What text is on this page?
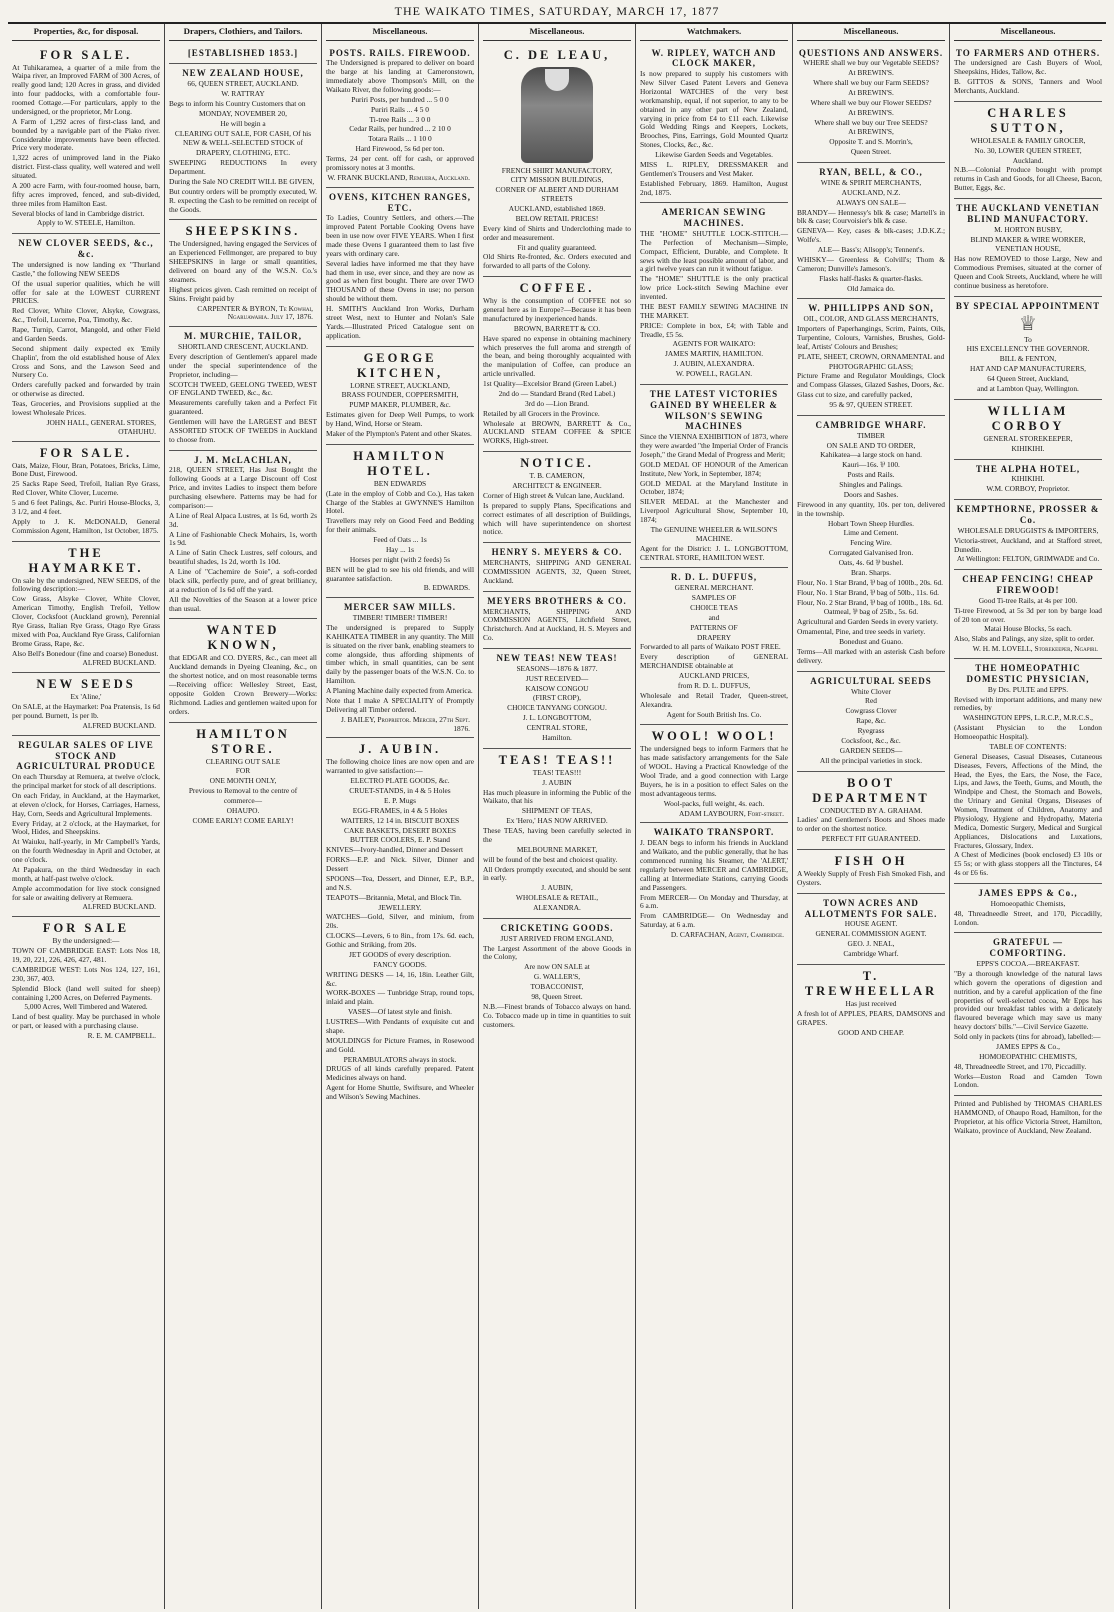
THE WAIKATO TIMES, SATURDAY, MARCH 17, 1877
Properties, &c, for disposal.
FOR SALE.

At Tuhikaramea, a quarter of a mile from the Waipa river, an Improved FARM of 300 Acres, of really good land; 120 Acres in grass, and divided into four paddocks, with a comfortable four-roomed Cottage.—For particulars, apply to the undersigned, or the proprietor, Mr Long.

A Farm of 1,292 acres of first-class land, and bounded by a navigable part of the Piako river. Considerable improvements have been effected. Price very moderate.

1,322 acres of unimproved land in the Piako district. First-class quality, well watered and well situated.

A 200 acre Farm, with four-roomed house, barn, fifty acres improved, fenced, and sub-divided, three miles from Hamilton East.

Several blocks of land in Cambridge district.

Apply to W. STEELE, Hamilton.

NEW CLOVER SEEDS, &c., &c.

The undersigned is now landing ex "Thurland Castle," the following NEW SEEDS

Of the usual superior qualities, which he will offer for sale at the LOWEST CURRENT PRICES.

Red Clover, White Clover, Alsyke, Cowgrass, &c., Trefoil, Lucerne, Poa, Timothy, &c.

Rape, Turnip, Carrot, Mangold, and other Field and Garden Seeds.

Second shipment daily expected ex 'Emily Chaplin', from the old established house of Alex Cross and Sons, and the Lawson Seed and Nursery Co.

Orders carefully packed and forwarded by train or otherwise as directed.

Teas, Groceries, and Provisions supplied at the lowest Wholesale Prices.

JOHN HALL, GENERAL STORES, OTAHUHU.
FOR SALE.

Oats, Maize, Flour, Bran, Potatoes, Bricks, Lime, Bone Dust, Firewood.

25 Sacks Rape Seed, Trefoil, Italian Rye Grass, Red Clover, White Clover, Lucerne.

5 and 6 feet Palings, &c. Puriri House-Blocks, 3, 3 1/2, and 4 feet.

Apply to J. K. McDONALD, General Commission Agent, Hamilton, 1st October, 1875.

THE HAYMARKET.

On sale by the undersigned, NEW SEEDS, of the following description:—

Cow Grass, Alsyke Clover, White Clover, American Timothy, English Trefoil, Yellow Clover, Cocksfoot (Auckland grown), Perennial Rye Grass, Italian Rye Grass, Otago Rye Grass mixed with Poa, Auckland Rye Grass, Californian Brome Grass, Rape, &c.

Also Bell's Bonedour (fine and coarse) Bonedust.

ALFRED BUCKLAND.
NEW SEEDS

Ex 'Aline,'

On SALE, at the Haymarket: Poa Pratensis, 1s 6d per pound. Burnett, 1s per lb.

ALFRED BUCKLAND.
REGULAR SALES OF LIVE STOCK AND AGRICULTURAL PRODUCE

On each Thursday at Remuera, at twelve o'clock, the principal market for stock of all descriptions.

On each Friday, in Auckland, at the Haymarket, at eleven o'clock, for Horses, Carriages, Harness, Hay, Corn, Seeds and Agricultural Implements.

Every Friday, at 2 o'clock, at the Haymarket, for Wool, Hides, and Sheepskins.

At Waiuku, half-yearly, in Mr Campbell's Yards, on the fourth Wednesday in April and October, at one o'clock.

At Papakura, on the third Wednesday in each month, at half-past twelve o'clock.

Ample accommodation for live stock consigned for sale or awaiting delivery at Remuera.

ALFRED BUCKLAND.
FOR SALE

By the undersigned:—

TOWN OF CAMBRIDGE EAST: Lots Nos 18, 19, 20, 221, 226, 426, 427, 481.

CAMBRIDGE WEST: Lots Nos 124, 127, 161, 230, 367, 403.

Splendid Block (land well suited for sheep) containing 1,200 Acres, on Deferred Payments.

5,000 Acres, Well Timbered and Watered.

Land of best quality. May be purchased in whole or part, or leased with a purchasing clause.

R. E. M. CAMPBELL.
Drapers, Clothiers, and Tailors.
[ESTABLISHED 1853.]
NEW ZEALAND HOUSE,

66, QUEEN STREET, AUCKLAND.

W. RATTRAY

Begs to inform his Country Customers that on

MONDAY, NOVEMBER 20,

He will begin a

CLEARING OUT SALE, FOR CASH, Of his

NEW & WELL-SELECTED STOCK of

DRAPERY, CLOTHING, ETC.

SWEEPING REDUCTIONS In every Department.

During the Sale NO CREDIT WILL BE GIVEN,

But country orders will be promptly executed, W. R. expecting the Cash to be remitted on receipt of the Goods.

SHEEPSKINS.

The Undersigned, having engaged the Services of an Experienced Fellmonger, are prepared to buy SHEEPSKINS in large or small quantities, delivered on board any of the W.S.N. Co.'s steamers.

Highest prices given. Cash remitted on receipt of Skins. Freight paid by

CARPENTER & BYRON, Te Kowhai, Ngaruawahia. July 17, 1876.
M. MURCHIE, TAILOR,

SHORTLAND CRESCENT, AUCKLAND.

Every description of Gentlemen's apparel made under the special superintendence of the Proprietor, including—

SCOTCH TWEED, GEELONG TWEED, WEST OF ENGLAND TWEED, &c., &c.

Measurements carefully taken and a Perfect Fit guaranteed.

Gentlemen will have the LARGEST and BEST ASSORTED STOCK OF TWEEDS in Auckland to choose from.

J. M. McLACHLAN,

218, QUEEN STREET, Has Just Bought the following Goods at a Large Discount off Cost Price, and invites Ladies to inspect them before purchasing elsewhere. Patterns may be had for comparison:—

A Line of Real Alpaca Lustres, at 1s 6d, worth 2s 3d.

A Line of Fashionable Check Mohairs, 1s, worth 1s 9d.

A Line of Satin Check Lustres, self colours, and beautiful shades, 1s 2d, worth 1s 10d.

A Line of "Cachemire de Soie", a soft-corded black silk, perfectly pure, and of great brilliancy, at a reduction of 1s 6d off the yard.

All the Novelties of the Season at a lower price than usual.

WANTED KNOWN,

that EDGAR and CO. DYERS, &c., can meet all Auckland demands in Dyeing Cleaning, &c., on the shortest notice, and on most reasonable terms—Receiving office: Wellesley Street, East, opposite Golden Crown Brewery—Works: Richmond. Ladies and gentlemen waited upon for orders.

HAMILTON STORE.

CLEARING OUT SALE

FOR

ONE MONTH ONLY,

Previous to Removal to the centre of

commerce—

OHAUPO.

COME EARLY! COME EARLY!

Miscellaneous.
POSTS. RAILS. FIREWOOD.

The Undersigned is prepared to deliver on board the barge at his landing at Cameronstown, immediately above Thompson's Mill, on the Waikato River, the following goods:—

Puriri Posts, per hundred ... 5 0 0

Puriri Rails ... 4 5 0

Ti-tree Rails ... 3 0 0

Cedar Rails, per hundred ... 2 10 0

Totara Rails ... 1 10 0

Hard Firewood, 5s 6d per ton.

Terms, 24 per cent. off for cash, or approved promissory notes at 3 months.

W. FRANK BUCKLAND, Remuera, Auckland.
OVENS, KITCHEN RANGES, ETC.

To Ladies, Country Settlers, and others.—The improved Patent Portable Cooking Ovens have been in use now over FIVE YEARS. When I first made these Ovens I guaranteed them to last five years with ordinary care.

Several ladies have informed me that they have had them in use, ever since, and they are now as good as when first bought. There are over TWO THOUSAND of these Ovens in use; no person should be without them.

H. SMITH'S Auckland Iron Works, Durham street West, next to Hunter and Nolan's Sale Yards.—Illustrated Priced Catalogue sent on application.

GEORGE KITCHEN,

LORNE STREET, AUCKLAND,

BRASS FOUNDER, COPPERSMITH,

PUMP MAKER, PLUMBER, &c.

Estimates given for Deep Well Pumps, to work by Hand, Wind, Horse or Steam.

Maker of the Plympton's Patent and other Skates.

HAMILTON HOTEL.

BEN EDWARDS

(Late in the employ of Cobb and Co.), Has taken Charge of the Stables at GWYNNE'S Hamilton Hotel.

Travellers may rely on Good Feed and Bedding for their animals.

Feed of Oats ... 1s

Hay ... 1s

Horses per night (with 2 feeds) 5s

BEN will be glad to see his old friends, and will guarantee satisfaction.

B. EDWARDS.
MERCER SAW MILLS.

TIMBER! TIMBER! TIMBER!

The undersigned is prepared to Supply KAHIKATEA TIMBER in any quantity. The Mill is situated on the river bank, enabling steamers to come alongside, thus affording shipments of timber which, in small quantities, can be sent daily by the passenger boats of the W.S.N. Co. to Hamilton.

A Planing Machine daily expected from America.

Note that I make A SPECIALITY of Promptly Delivering all Timber ordered.

J. BAILEY, Proprietor. Mercer, 27th Sept. 1876.
J. AUBIN.

The following choice lines are now open and are warranted to give satisfaction:—

ELECTRO PLATE GOODS, &c.

CRUET-STANDS, in 4 & 5 Holes

E. P. Mugs

EGG-FRAMES, in 4 & 5 Holes

WAITERS, 12 14 in. BISCUIT BOXES

CAKE BASKETS, DESERT BOXES

BUTTER COOLERS, E. P. Stand

KNIVES—Ivory-handled, Dinner and Dessert

FORKS—E.P. and Nick. Silver, Dinner and Dessert

SPOONS—Tea, Dessert, and Dinner, E.P., B.P., and N.S.

TEAPOTS—Britannia, Metal, and Block Tin.

JEWELLERY.

WATCHES—Gold, Silver, and minium, from 20s.

CLOCKS—Levers, 6 to 8in., from 17s. 6d. each, Gothic and Striking, from 20s.

JET GOODS of every description.

FANCY GOODS.

WRITING DESKS — 14, 16, 18in. Leather Gilt, &c.

WORK-BOXES — Tunbridge Strap, round tops, inlaid and plain.

VASES—Of latest style and finish.

LUSTRES—With Pendants of exquisite cut and shape.

MOULDINGS for Picture Frames, in Rosewood and Gold.

PERAMBULATORS always in stock.

DRUGS of all kinds carefully prepared. Patent Medicines always on hand.

Agent for Home Shuttle, Swiftsure, and Wheeler and Wilson's Sewing Machines.

Miscellaneous.
C. DE LEAU,

FRENCH SHIRT MANUFACTORY,

CITY MISSION BUILDINGS,

CORNER OF ALBERT AND DURHAM STREETS

AUCKLAND, established 1869.

BELOW RETAIL PRICES!

Every kind of Shirts and Underclothing made to order and measurement.

Fit and quality guaranteed.

Old Shirts Re-fronted, &c. Orders executed and forwarded to all parts of the Colony.

COFFEE.

Why is the consumption of COFFEE not so general here as in Europe?—Because it has been manufactured by inexperienced hands.

BROWN, BARRETT & CO.

Have spared no expense in obtaining machinery which preserves the full aroma and strength of the bean, and being thoroughly acquainted with the manipulation of Coffee, can produce an article unrivalled.

1st Quality—Excelsior Brand (Green Label.)

2nd do — Standard Brand (Red Label.)

3rd do —Lion Brand.

Retailed by all Grocers in the Province.

Wholesale at BROWN, BARRETT & Co., AUCKLAND STEAM COFFEE & SPICE WORKS, High-street.

NOTICE.

T. B. CAMERON,

ARCHITECT & ENGINEER.

Corner of High street & Vulcan lane, Auckland.

Is prepared to supply Plans, Specifications and correct estimates of all description of Buildings, which will have superintendence on shortest notice.

HENRY S. MEYERS & CO.

MERCHANTS, SHIPPING AND GENERAL COMMISSION AGENTS, 32, Queen Street, Auckland.

MEYERS BROTHERS & CO.

MERCHANTS, SHIPPING AND COMMISSION AGENTS, Litchfield Street, Christchurch. And at Auckland, H. S. Meyers and Co.

NEW TEAS! NEW TEAS!

SEASONS—1876 & 1877.

JUST RECEIVED—

KAISOW CONGOU

(FIRST CROP),

CHOICE TANYANG CONGOU.

J. L. LONGBOTTOM,

CENTRAL STORE,

Hamilton.

TEAS! TEAS!!

TEAS! TEAS!!!

J. AUBIN

Has much pleasure in informing the Public of the Waikato, that his

SHIPMENT OF TEAS,

Ex 'Hero,' HAS NOW ARRIVED.

These TEAS, having been carefully selected in the

MELBOURNE MARKET,

will be found of the best and choicest quality.

All Orders promptly executed, and should be sent in early.

J. AUBIN,

WHOLESALE & RETAIL,

ALEXANDRA.

CRICKETING GOODS.

JUST ARRIVED FROM ENGLAND,

The Largest Assortment of the above Goods in the Colony,

Are now ON SALE at

G. WALLER'S,

TOBACCONIST,

98, Queen Street.

N.B.—Finest brands of Tobacco always on hand. Co. Tobacco made up in time in quantities to suit customers.

Watchmakers.
W. RIPLEY, WATCH AND CLOCK MAKER,

Is now prepared to supply his customers with New Silver Cased Patent Levers and Geneva Horizontal WATCHES of the very best workmanship, equal, if not superior, to any to be obtained in any other part of New Zealand, varying in price from £4 to £11 each. Likewise Gold Wedding Rings and Keepers, Lockets, Brooches, Pins, Earrings, Gold Mounted Quartz Stones, Clocks, &c., &c.

Likewise Garden Seeds and Vegetables.

MISS L. RIPLEY, DRESSMAKER and Gentlemen's Trousers and Vest Maker.

Established February, 1869. Hamilton, August 2nd, 1875.

AMERICAN SEWING MACHINES.

THE "HOME" SHUTTLE LOCK-STITCH.—The Perfection of Mechanism—Simple, Compact, Efficient, Durable, and Complete. It sews with the least possible amount of labor, and a girl twelve years can run it without fatigue.

The "HOME" SHUTTLE is the only practical low price Lock-stitch Sewing Machine ever invented.

THE BEST FAMILY SEWING MACHINE IN THE MARKET.

PRICE: Complete in box, £4; with Table and Treadle, £5 5s.

AGENTS FOR WAIKATO:

JAMES MARTIN, HAMILTON.

J. AUBIN, ALEXANDRA.

W. POWELL, RAGLAN.

THE LATEST VICTORIES GAINED BY WHEELER & WILSON'S SEWING MACHINES

Since the VIENNA EXHIBITION of 1873, where they were awarded "the Imperial Order of Francis Joseph," the Grand Medal of Progress and Merit;

GOLD MEDAL OF HONOUR of the American Institute, New York, in September, 1874;

GOLD MEDAL at the Maryland Institute in October, 1874;

SILVER MEDAL at the Manchester and Liverpool Agricultural Show, September 10, 1874;

The GENUINE WHEELER & WILSON'S MACHINE.

Agent for the District: J. L. LONGBOTTOM, CENTRAL STORE, HAMILTON WEST.

R. D. L. DUFFUS,

GENERAL MERCHANT.

SAMPLES OF

CHOICE TEAS

and

PATTERNS OF

DRAPERY

Forwarded to all parts of Waikato POST FREE.

Every description of GENERAL MERCHANDISE obtainable at

AUCKLAND PRICES,

from R. D. L. DUFFUS,

Wholesale and Retail Trader, Queen-street, Alexandra.

Agent for South British Ins. Co.

WOOL! WOOL!

The undersigned begs to inform Farmers that he has made satisfactory arrangements for the Sale of WOOL. Having a Practical Knowledge of the Wool Trade, and a good connection with Large Buyers, he is in a position to effect Sales on the most advantageous terms.

Wool-packs, full weight, 4s. each.

ADAM LAYBOURN, Fort-street.
WAIKATO TRANSPORT.

J. DEAN begs to inform his friends in Auckland and Waikato, and the public generally, that he has commenced running his Steamer, the 'ALERT,' regularly between MERCER and CAMBRIDGE, calling at Intermediate Stations, carrying Goods and Passengers.

From MERCER— On Monday and Thursday, at 6 a.m.

From CAMBRIDGE— On Wednesday and Saturday, at 6 a.m.

D. CARFACHAN, Agent, Cambridge.
Miscellaneous.
QUESTIONS AND ANSWERS.

WHERE shall we buy our Vegetable SEEDS?

At BREWIN'S.

Where shall we buy our Farm SEEDS?

At BREWIN'S.

Where shall we buy our Flower SEEDS?

At BREWIN'S.

Where shall we buy our Tree SEEDS?

At BREWIN'S,

Opposite T. and S. Morrin's,

Queen Street.

RYAN, BELL, & CO.,

WINE & SPIRIT MERCHANTS,

AUCKLAND, N.Z.

ALWAYS ON SALE—

BRANDY— Hennessy's blk & case; Martell's in blk & case; Courvoisier's blk & case.

GENEVA— Key, cases & blk-cases; J.D.K.Z.; Wolfe's.

ALE— Bass's; Allsopp's; Tennent's.

WHISKY— Greenless & Colvill's; Thom & Cameron; Dunville's Jameson's.

Flasks half-flasks & quarter-flasks.

Old Jamaica do.

W. PHILLIPPS AND SON,

OIL, COLOR, AND GLASS MERCHANTS,

Importers of Paperhangings, Scrim, Paints, Oils, Turpentine, Colours, Varnishes, Brushes, Gold-leaf, Artists' Colours and Brushes;

PLATE, SHEET, CROWN, ORNAMENTAL and

PHOTOGRAPHIC GLASS;

Picture Frame and Regulator Mouldings, Clock and Compass Glasses, Glazed Sashes, Doors, &c.

Glass cut to size, and carefully packed,

95 & 97, QUEEN STREET.

CAMBRIDGE WHARF.

TIMBER

ON SALE AND TO ORDER,

Kahikatea—a large stock on hand.

Kauri—16s. ⅌ 100.

Posts and Rails.

Shingles and Palings.

Doors and Sashes.

Firewood in any quantity, 10s. per ton, delivered in the township.

Hobart Town Sheep Hurdles.

Lime and Cement.

Fencing Wire.

Corrugated Galvanised Iron.

Oats, 4s. 6d ⅌ bushel.

Bran. Sharps.

Flour, No. 1 Star Brand, ⅌ bag of 100lb., 20s. 6d.

Flour, No. 1 Star Brand, ⅌ bag of 50lb., 11s. 6d.

Flour, No. 2 Star Brand, ⅌ bag of 100lb., 18s. 6d.

Oatmeal, ⅌ bag of 25lb., 5s. 6d.

Agricultural and Garden Seeds in every variety.

Ornamental, Pine, and tree seeds in variety.

Bonedust and Guano.

Terms—All marked with an asterisk Cash before delivery.

AGRICULTURAL SEEDS

White Clover

Red

Cowgrass Clover

Rape, &c.

Ryegrass

Cocksfoot, &c., &c.

GARDEN SEEDS—

All the principal varieties in stock.

BOOT DEPARTMENT

CONDUCTED BY A. GRAHAM.

Ladies' and Gentlemen's Boots and Shoes made to order on the shortest notice.

PERFECT FIT GUARANTEED.

FISH OH

A Weekly Supply of Fresh Fish Smoked Fish, and Oysters.

TOWN ACRES AND ALLOTMENTS FOR SALE.

HOUSE AGENT.

GENERAL COMMISSION AGENT.

GEO. J. NEAL,

Cambridge Wharf.

T. TREWHEELLAR

Has just received

A fresh lot of APPLES, PEARS, DAMSONS and GRAPES.

GOOD AND CHEAP.

Miscellaneous.
TO FARMERS AND OTHERS.

The undersigned are Cash Buyers of Wool, Sheepskins, Hides, Tallow, &c.

B. GITTOS & SONS, Tanners and Wool Merchants, Auckland.

CHARLES SUTTON,

WHOLESALE & FAMILY GROCER,

No. 30, LOWER QUEEN STREET,

Auckland.

N.B.—Colonial Produce bought with prompt returns in Cash and Goods, for all Cheese, Bacon, Butter, Eggs, &c.

THE AUCKLAND VENETIAN BLIND MANUFACTORY.

M. HORTON BUSBY,

BLIND MAKER & WIRE WORKER,

VENETIAN HOUSE,

Has now REMOVED to those Large, New and Commodious Premises, situated at the corner of Queen and Cook Streets, Auckland, where he will continue business as heretofore.

BY SPECIAL APPOINTMENT
♕

To

HIS EXCELLENCY THE GOVERNOR.

BILL & FENTON,

HAT AND CAP MANUFACTURERS,

64 Queen Street, Auckland,

and at Lambton Quay, Wellington.

WILLIAM CORBOY

GENERAL STOREKEEPER,

KIHIKIHI.

THE ALPHA HOTEL,

KIHIKIHI.

W.M. CORBOY, Proprietor.

KEMPTHORNE, PROSSER & Co.

WHOLESALE DRUGGISTS & IMPORTERS,

Victoria-street, Auckland, and at Stafford street, Dunedin.

At Wellington: FELTON, GRIMWADE and Co.

CHEAP FENCING! CHEAP FIREWOOD!

Good Ti-tree Rails, at 4s per 100.

Ti-tree Firewood, at 5s 3d per ton by barge load of 20 ton or over.

Matai House Blocks, 5s each.

Also, Slabs and Palings, any size, split to order.

W. H. M. LOVELL, Storekeeper, Ngapiri.
THE HOMEOPATHIC DOMESTIC PHYSICIAN,

By Drs. PULTE and EPPS.

Revised with important additions, and many new remedies, by

WASHINGTON EPPS, L.R.C.P., M.R.C.S.,

(Assistant Physician to the London Homoeopathic Hospital).

TABLE OF CONTENTS:

General Diseases, Casual Diseases, Cutaneous Diseases, Fevers, Affections of the Mind, the Head, the Eyes, the Ears, the Nose, the Face, Lips, and Jaws, the Teeth, Gums, and Mouth, the Windpipe and Chest, the Stomach and Bowels, the Urinary and Genital Organs, Diseases of Women, Treatment of Children, Anatomy and Physiology, Hygiene and Hydropathy, Materia Medica, Domestic Surgery, Medical and Surgical Appliances, Dislocations and Luxations, Fractures, Glossary, Index.

A Chest of Medicines (book enclosed) £3 10s or £5 5s; or with glass stoppers all the Tinctures, £4 4s or £6 6s.

JAMES EPPS & Co.,

Homoeopathic Chemists,

48, Threadneedle Street, and 170, Piccadilly, London.

GRATEFUL — COMFORTING.

EPPS'S COCOA.—BREAKFAST.

"By a thorough knowledge of the natural laws which govern the operations of digestion and nutrition, and by a careful application of the fine properties of well-selected cocoa, Mr Epps has provided our breakfast tables with a delicately flavoured beverage which may save us many heavy doctors' bills."—Civil Service Gazette.

Sold only in packets (tins for abroad), labelled:—

JAMES EPPS & Co.,

HOMOEOPATHIC CHEMISTS,

48, Threadneedle Street, and 170, Piccadilly.

Works—Euston Road and Camden Town London.

Printed and Published by THOMAS CHARLES HAMMOND, of Ohaupo Road, Hamilton, for the Proprietor, at his office Victoria Street, Hamilton, Waikato, province of Auckland, New Zealand.
